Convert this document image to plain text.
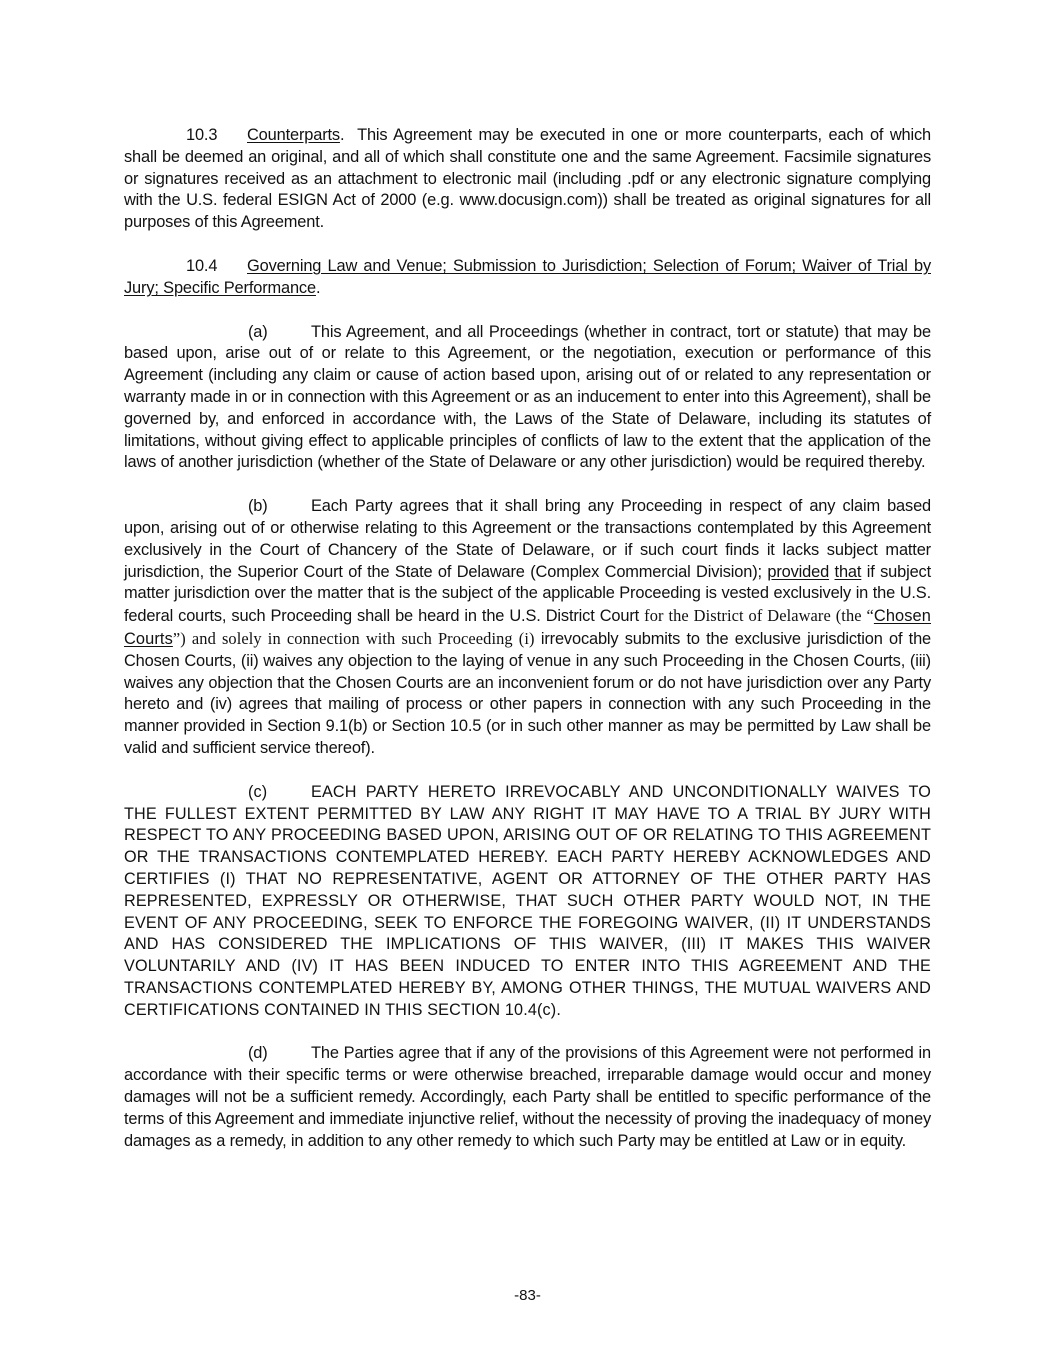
10.3 Counterparts.  This Agreement may be executed in one or more counterparts, each of which shall be deemed an original, and all of which shall constitute one and the same Agreement. Facsimile signatures or signatures received as an attachment to electronic mail (including .pdf or any electronic signature complying with the U.S. federal ESIGN Act of 2000 (e.g. www.docusign.com)) shall be treated as original signatures for all purposes of this Agreement.

10.4 Governing Law and Venue; Submission to Jurisdiction; Selection of Forum; Waiver of Trial by Jury; Specific Performance.

(a)	This Agreement, and all Proceedings (whether in contract, tort or statute) that may be based upon, arise out of or relate to this Agreement, or the negotiation, execution or performance of this Agreement (including any claim or cause of action based upon, arising out of or related to any representation or warranty made in or in connection with this Agreement or as an inducement to enter into this Agreement), shall be governed by, and enforced in accordance with, the Laws of the State of Delaware, including its statutes of limitations, without giving effect to applicable principles of conflicts of law to the extent that the application of the laws of another jurisdiction (whether of the State of Delaware or any other jurisdiction) would be required thereby.

(b)	Each Party agrees that it shall bring any Proceeding in respect of any claim based upon, arising out of or otherwise relating to this Agreement or the transactions contemplated by this Agreement exclusively in the Court of Chancery of the State of Delaware, or if such court finds it lacks subject matter jurisdiction, the Superior Court of the State of Delaware (Complex Commercial Division); provided that if subject matter jurisdiction over the matter that is the subject of the applicable Proceeding is vested exclusively in the U.S. federal courts, such Proceeding shall be heard in the U.S. District Court for the District of Delaware (the “Chosen Courts”) and solely in connection with such Proceeding (i) irrevocably submits to the exclusive jurisdiction of the Chosen Courts, (ii) waives any objection to the laying of venue in any such Proceeding in the Chosen Courts, (iii) waives any objection that the Chosen Courts are an inconvenient forum or do not have jurisdiction over any Party hereto and (iv) agrees that mailing of process or other papers in connection with any such Proceeding in the manner provided in Section 9.1(b) or Section 10.5 (or in such other manner as may be permitted by Law shall be valid and sufficient service thereof).

(c)	EACH PARTY HERETO IRREVOCABLY AND UNCONDITIONALLY WAIVES TO THE FULLEST EXTENT PERMITTED BY LAW ANY RIGHT IT MAY HAVE TO A TRIAL BY JURY WITH RESPECT TO ANY PROCEEDING BASED UPON, ARISING OUT OF OR RELATING TO THIS AGREEMENT OR THE TRANSACTIONS CONTEMPLATED HEREBY. EACH PARTY HEREBY ACKNOWLEDGES AND CERTIFIES (I) THAT NO REPRESENTATIVE, AGENT OR ATTORNEY OF THE OTHER PARTY HAS REPRESENTED, EXPRESSLY OR OTHERWISE, THAT SUCH OTHER PARTY WOULD NOT, IN THE EVENT OF ANY PROCEEDING, SEEK TO ENFORCE THE FOREGOING WAIVER, (II) IT UNDERSTANDS AND HAS CONSIDERED THE IMPLICATIONS OF THIS WAIVER, (III) IT MAKES THIS WAIVER VOLUNTARILY AND (IV) IT HAS BEEN INDUCED TO ENTER INTO THIS AGREEMENT AND THE TRANSACTIONS CONTEMPLATED HEREBY BY, AMONG OTHER THINGS, THE MUTUAL WAIVERS AND CERTIFICATIONS CONTAINED IN THIS SECTION 10.4(c).

(d)	The Parties agree that if any of the provisions of this Agreement were not performed in accordance with their specific terms or were otherwise breached, irreparable damage would occur and money damages will not be a sufficient remedy. Accordingly, each Party shall be entitled to specific performance of the terms of this Agreement and immediate injunctive relief, without the necessity of proving the inadequacy of money damages as a remedy, in addition to any other remedy to which such Party may be entitled at Law or in equity.

-83-
